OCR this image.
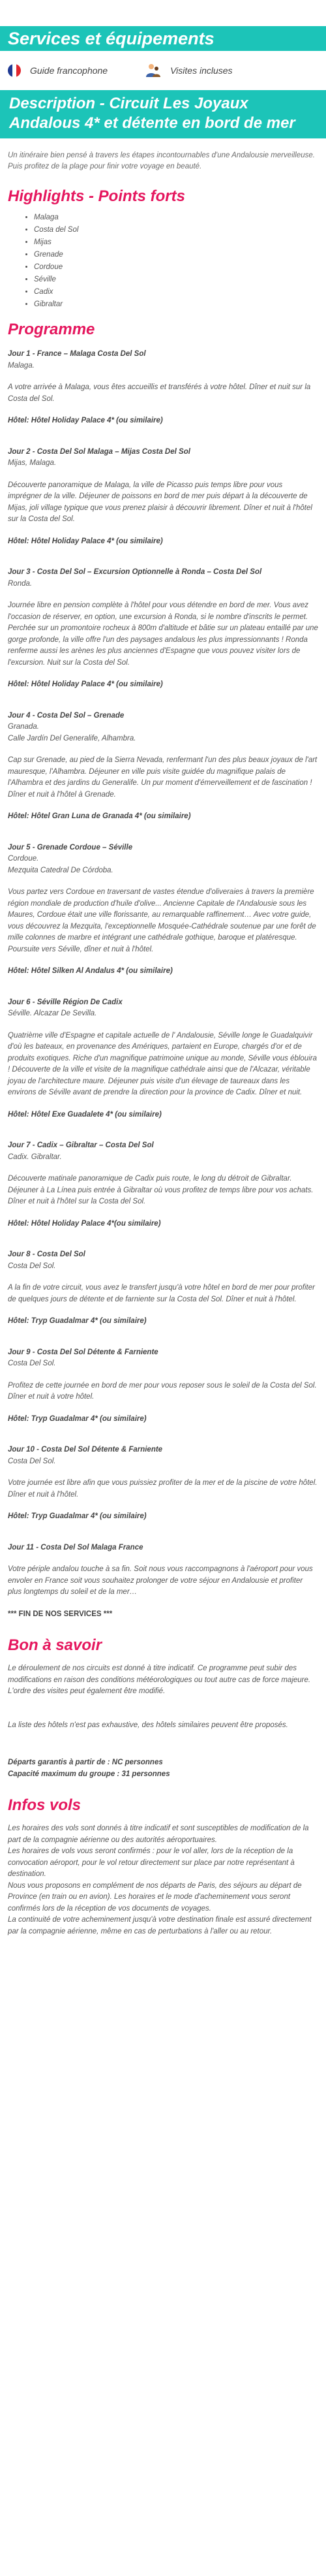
Services et équipements
Guide francophone	Visites incluses
Description - Circuit Les Joyaux Andalous 4* et détente en bord de mer

Un itinéraire bien pensé à travers les étapes incontournables d'une Andalousie merveilleuse. Puis profitez de la plage pour finir votre voyage en beauté.

Highlights - Points forts
• Malaga
• Costa del Sol
• Mijas
• Grenade
• Cordoue
• Séville
• Cadix
• Gibraltar
Programme

Jour 1 - France – Malaga Costa Del Sol
Malaga.

A votre arrivée à Malaga, vous êtes accueillis et transférés à votre hôtel. Dîner et nuit sur la Costa del Sol.

Hôtel: Hôtel Holiday Palace 4* (ou similaire)

Jour 2 - Costa Del Sol Malaga – Mijas Costa Del Sol
Mijas, Malaga.

Découverte panoramique de Malaga, la ville de Picasso puis temps libre pour vous imprégner de la ville. Déjeuner de poissons en bord de mer puis départ à la découverte de Mijas, joli village typique que vous prenez plaisir à découvrir librement. Dîner et nuit à l'hôtel sur la Costa del Sol.

Hôtel: Hôtel Holiday Palace 4* (ou similaire)

Jour 3 - Costa Del Sol – Excursion Optionnelle à Ronda – Costa Del Sol
Ronda.

Journée libre en pension complète à l'hôtel pour vous détendre en bord de mer. Vous avez l'occasion de réserver, en option, une excursion à Ronda, si le nombre d'inscrits le permet. Perchée sur un promontoire rocheux à 800m d'altitude et bâtie sur un plateau entaillé par une gorge profonde, la ville offre l'un des paysages andalous les plus impressionnants ! Ronda renferme aussi les arènes les plus anciennes d'Espagne que vous pouvez visiter lors de l'excursion. Nuit sur la Costa del Sol.

Hôtel: Hôtel Holiday Palace 4* (ou similaire)

Jour 4 - Costa Del Sol – Grenade
Granada.
Calle Jardín Del Generalife, Alhambra.

Cap sur Grenade, au pied de la Sierra Nevada, renfermant l'un des plus beaux joyaux de l'art mauresque, l'Alhambra. Déjeuner en ville puis visite guidée du magnifique palais de l'Alhambra et des jardins du Generalife. Un pur moment d'émerveillement et de fascination ! Dîner et nuit à l'hôtel à Grenade.

Hôtel: Hôtel Gran Luna de Granada 4* (ou similaire)

Jour 5 - Grenade Cordoue – Séville
Cordoue.
Mezquita Catedral De Córdoba.

Vous partez vers Cordoue en traversant de vastes étendue d'oliveraies à travers la première région mondiale de production d'huile d'olive... Ancienne Capitale de l'Andalousie sous les Maures, Cordoue était une ville florissante, au remarquable raffinement… Avec votre guide, vous découvrez la Mezquita, l'exceptionnelle Mosquée-Cathédrale soutenue par une forêt de mille colonnes de marbre et intégrant une cathédrale gothique, baroque et platéresque. Poursuite vers Séville, dîner et nuit à l'hôtel.

Hôtel: Hôtel Silken Al Andalus 4* (ou similaire)

Jour 6 - Séville Région De Cadix
Séville. Alcazar De Sevilla.

Quatrième ville d'Espagne et capitale actuelle de l' Andalousie, Séville longe le Guadalquivir d'où les bateaux, en provenance des Amériques, partaient en Europe, chargés d'or et de produits exotiques. Riche d'un magnifique patrimoine unique au monde, Séville vous éblouira ! Découverte de la ville et visite de la magnifique cathédrale ainsi que de l'Alcazar, véritable joyau de l'architecture maure. Déjeuner puis visite d'un élevage de taureaux dans les environs de Séville avant de prendre la direction pour la province de Cadix. Dîner et nuit.

Hôtel: Hôtel Exe Guadalete 4* (ou similaire)

Jour 7 - Cadix – Gibraltar – Costa Del Sol
Cadix. Gibraltar.

Découverte matinale panoramique de Cadix puis route, le long du détroit de Gibraltar. Déjeuner à La Línea puis entrée à Gibraltar où vous profitez de temps libre pour vos achats. Dîner et nuit à l'hôtel sur la Costa del Sol.

Hôtel: Hôtel Holiday Palace 4*(ou similaire)

Jour 8 - Costa Del Sol
Costa Del Sol.

A la fin de votre circuit, vous avez le transfert jusqu'à votre hôtel en bord de mer pour profiter de quelques jours de détente et de farniente sur la Costa del Sol. Dîner et nuit à l'hôtel.

Hôtel: Tryp Guadalmar 4* (ou similaire)

Jour 9 - Costa Del Sol Détente & Farniente
Costa Del Sol.

Profitez de cette journée en bord de mer pour vous reposer sous le soleil de la Costa del Sol. Dîner et nuit à votre hôtel.

Hôtel: Tryp Guadalmar 4* (ou similaire)

Jour 10 - Costa Del Sol Détente & Farniente
Costa Del Sol.

Votre journée est libre afin que vous puissiez profiter de la mer et de la piscine de votre hôtel. Dîner et nuit à l'hôtel.

Hôtel: Tryp Guadalmar 4* (ou similaire)

Jour 11 - Costa Del Sol Malaga France

Votre périple andalou touche à sa fin. Soit nous vous raccompagnons à l'aéroport pour vous envoler en France soit vous souhaitez prolonger de votre séjour en Andalousie et profiter plus longtemps du soleil et de la mer…

*** FIN DE NOS SERVICES ***

Bon à savoir

Le déroulement de nos circuits est donné à titre indicatif. Ce programme peut subir des modifications en raison des conditions météorologiques ou tout autre cas de force majeure. L'ordre des visites peut également être modifié.

La liste des hôtels n'est pas exhaustive, des hôtels similaires peuvent être proposés.

Départs garantis à partir de : NC personnes

Capacité maximum du groupe : 31 personnes

Infos vols

Les horaires des vols sont donnés à titre indicatif et sont susceptibles de modification de la part de la compagnie aérienne ou des autorités aéroportuaires.
Les horaires de vols vous seront confirmés : pour le vol aller, lors de la réception de la convocation aéroport, pour le vol retour directement sur place par notre représentant à destination.
Nous vous proposons en complément de nos départs de Paris, des séjours au départ de Province (en train ou en avion). Les horaires et le mode d'acheminement vous seront confirmés lors de la réception de vos documents de voyages.
La continuité de votre acheminement jusqu'à votre destination finale est assuré directement par la compagnie aérienne, même en cas de perturbations à l'aller ou au retour.
